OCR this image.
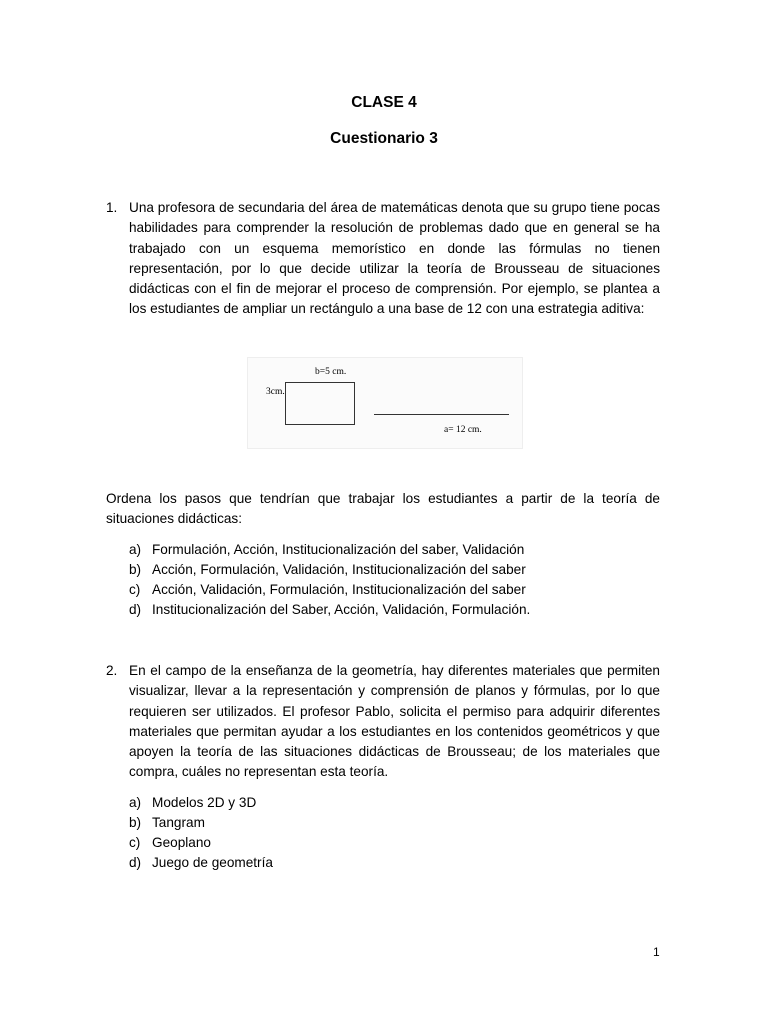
CLASE 4
Cuestionario 3
1. Una profesora de secundaria del área de matemáticas denota que su grupo tiene pocas habilidades para comprender la resolución de problemas dado que en general se ha trabajado con un esquema memorístico en donde las fórmulas no tienen representación, por lo que decide utilizar la teoría de Brousseau de situaciones didácticas con el fin de mejorar el proceso de comprensión. Por ejemplo, se plantea a los estudiantes de ampliar un rectángulo a una base de 12 con una estrategia aditiva:
b=5 cm.
3cm.
a= 12 cm.
Ordena los pasos que tendrían que trabajar los estudiantes a partir de la teoría de situaciones didácticas:
a) Formulación, Acción, Institucionalización del saber, Validación
b) Acción, Formulación, Validación, Institucionalización del saber
c) Acción, Validación, Formulación, Institucionalización del saber
d) Institucionalización del Saber, Acción, Validación, Formulación.
2. En el campo de la enseñanza de la geometría, hay diferentes materiales que permiten visualizar, llevar a la representación y comprensión de planos y fórmulas, por lo que requieren ser utilizados. El profesor Pablo, solicita el permiso para adquirir diferentes materiales que permitan ayudar a los estudiantes en los contenidos geométricos y que apoyen la teoría de las situaciones didácticas de Brousseau; de los materiales que compra, cuáles no representan esta teoría.
a) Modelos 2D y 3D
b) Tangram
c) Geoplano
d) Juego de geometría
1
